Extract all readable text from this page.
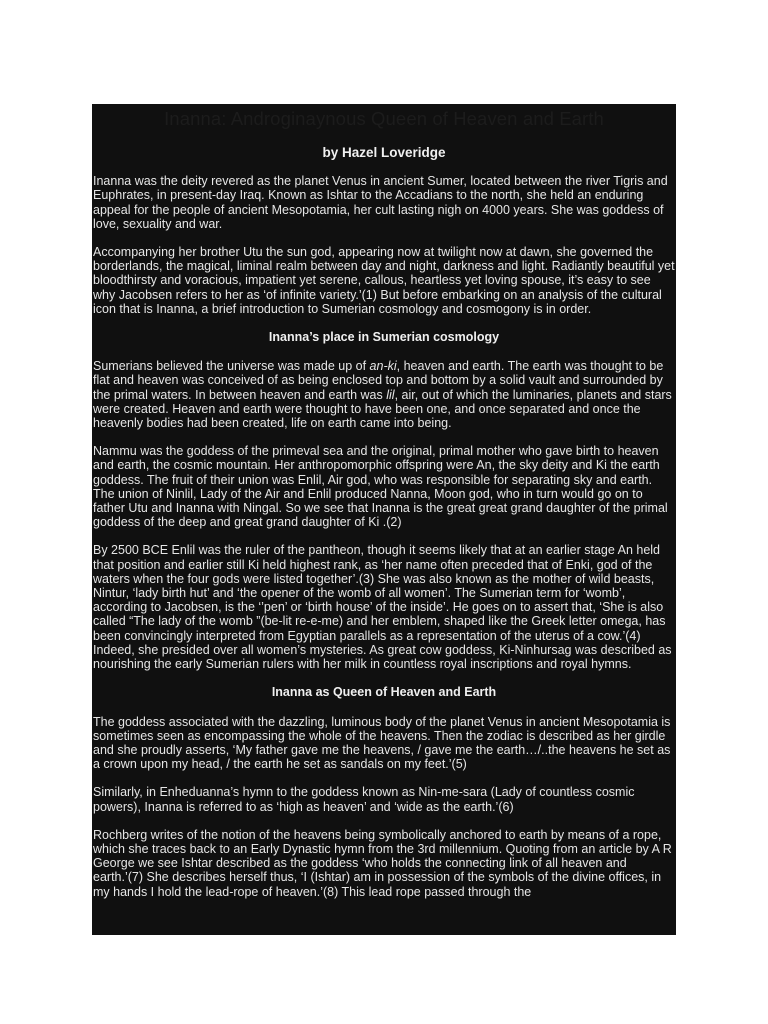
Inanna: Androginaynous Queen of Heaven and Earth
by Hazel Loveridge

Inanna was the deity revered as the planet Venus in ancient Sumer, located between the river Tigris and Euphrates, in present-day Iraq. Known as Ishtar to the Accadians to the north, she held an enduring appeal for the people of ancient Mesopotamia, her cult lasting nigh on 4000 years. She was goddess of love, sexuality and war.

Accompanying her brother Utu the sun god, appearing now at twilight now at dawn, she governed the borderlands, the magical, liminal realm between day and night, darkness and light. Radiantly beautiful yet bloodthirsty and voracious, impatient yet serene, callous, heartless yet loving spouse, it’s easy to see why Jacobsen refers to her as ‘of infinite variety.’(1) But before embarking on an analysis of the cultural icon that is Inanna, a brief introduction to Sumerian cosmology and cosmogony is in order.

Inanna’s place in Sumerian cosmology

Sumerians believed the universe was made up of an-ki, heaven and earth. The earth was thought to be flat and heaven was conceived of as being enclosed top and bottom by a solid vault and surrounded by the primal waters. In between heaven and earth was lil, air, out of which the luminaries, planets and stars were created. Heaven and earth were thought to have been one, and once separated and once the heavenly bodies had been created, life on earth came into being.

Nammu was the goddess of the primeval sea and the original, primal mother who gave birth to heaven and earth, the cosmic mountain. Her anthropomorphic offspring were An, the sky deity and Ki the earth goddess. The fruit of their union was Enlil, Air god, who was responsible for separating sky and earth. The union of Ninlil, Lady of the Air and Enlil produced Nanna, Moon god, who in turn would go on to father Utu and Inanna with Ningal. So we see that Inanna is the great great grand daughter of the primal goddess of the deep and great grand daughter of Ki .(2)

By 2500 BCE Enlil was the ruler of the pantheon, though it seems likely that at an earlier stage An held that position and earlier still Ki held highest rank, as ‘her name often preceded that of Enki, god of the waters when the four gods were listed together’.(3) She was also known as the mother of wild beasts, Nintur, ‘lady birth hut’ and ‘the opener of the womb of all women’. The Sumerian term for ‘womb’, according to Jacobsen, is the ‘’pen’ or ‘birth house’ of the inside’. He goes on to assert that, ‘She is also called “The lady of the womb ”(be-lit re-e-me) and her emblem, shaped like the Greek letter omega, has been convincingly interpreted from Egyptian parallels as a representation of the uterus of a cow.’(4) Indeed, she presided over all women’s mysteries. As great cow goddess, Ki-Ninhursag was described as nourishing the early Sumerian rulers with her milk in countless royal inscriptions and royal hymns.

Inanna as Queen of Heaven and Earth

The goddess associated with the dazzling, luminous body of the planet Venus in ancient Mesopotamia is sometimes seen as encompassing the whole of the heavens. Then the zodiac is described as her girdle and she proudly asserts, ‘My father gave me the heavens, / gave me the earth…/..the heavens he set as a crown upon my head, / the earth he set as sandals on my feet.’(5)

Similarly, in Enheduanna’s hymn to the goddess known as Nin-me-sara (Lady of countless cosmic powers), Inanna is referred to as ‘high as heaven’ and ‘wide as the earth.’(6)

Rochberg writes of the notion of the heavens being symbolically anchored to earth by means of a rope, which she traces back to an Early Dynastic hymn from the 3rd millennium. Quoting from an article by A R George we see Ishtar described as the goddess ‘who holds the connecting link of all heaven and earth.’(7) She describes herself thus, ‘I (Ishtar) am in possession of the symbols of the divine offices, in my hands I hold the lead-rope of heaven.’(8) This lead rope passed through the
